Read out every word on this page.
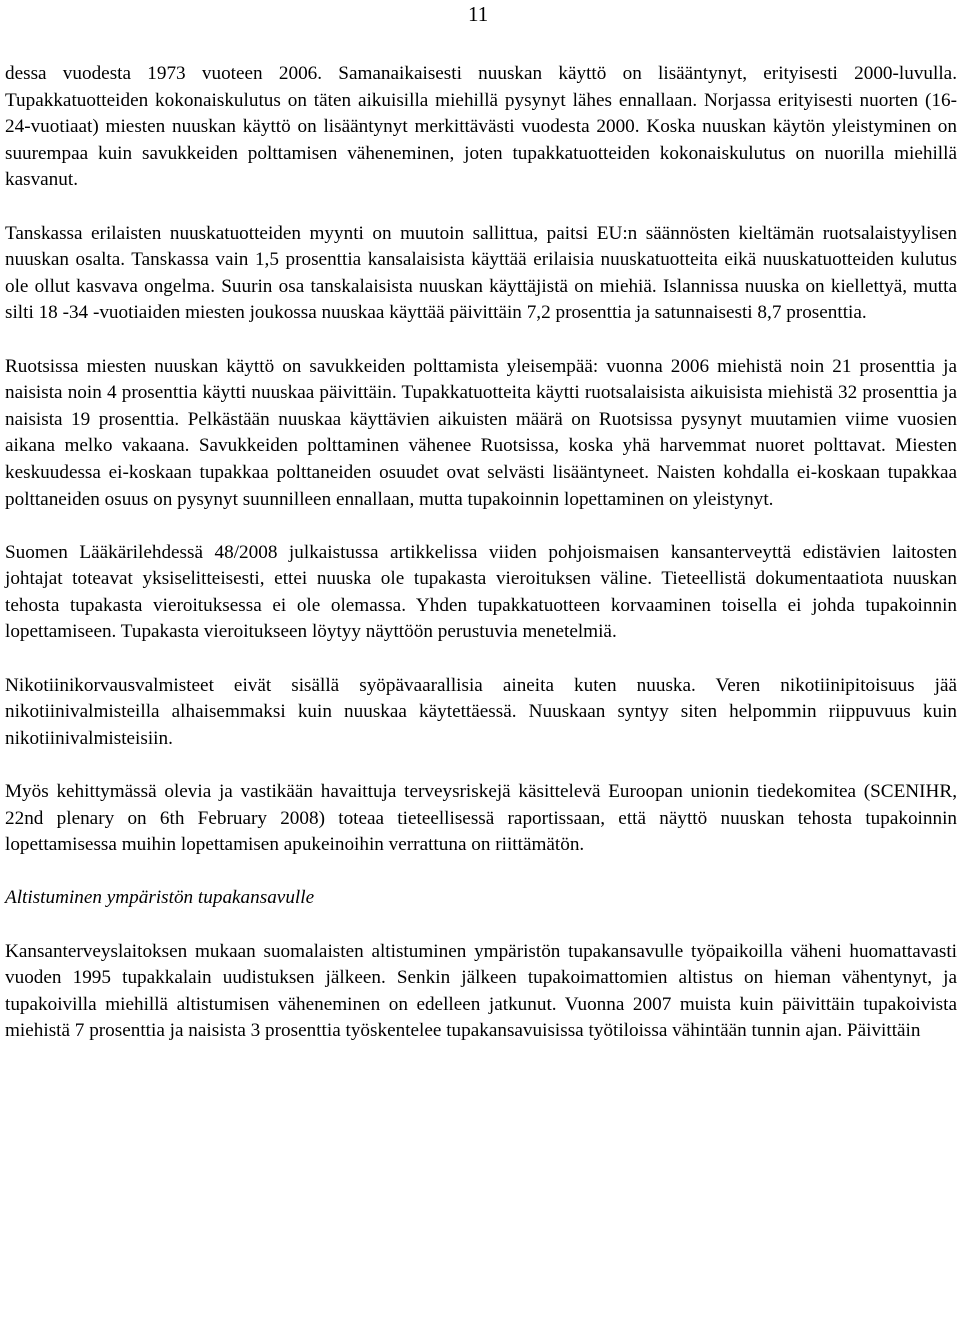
11

dessa vuodesta 1973 vuoteen 2006. Samanaikaisesti nuuskan käyttö on lisääntynyt, erityisesti 2000-luvulla. Tupakkatuotteiden kokonaiskulutus on täten aikuisilla miehillä pysynyt lähes ennallaan. Norjassa erityisesti nuorten (16-24-vuotiaat) miesten nuuskan käyttö on lisääntynyt merkittävästi vuodesta 2000. Koska nuuskan käytön yleistyminen on suurempaa kuin savukkeiden polttamisen väheneminen, joten tupakkatuotteiden kokonaiskulutus on nuorilla miehillä kasvanut.

Tanskassa erilaisten nuuskatuotteiden myynti on muutoin sallittua, paitsi EU:n säännösten kieltämän ruotsalaistyylisen nuuskan osalta. Tanskassa vain 1,5 prosenttia kansalaisista käyttää erilaisia nuuskatuotteita eikä nuuskatuotteiden kulutus ole ollut kasvava ongelma. Suurin osa tanskalaisista nuuskan käyttäjistä on miehiä. Islannissa nuuska on kiellettyä, mutta silti 18 -34 -vuotiaiden miesten joukossa nuuskaa käyttää päivittäin 7,2 prosenttia ja satunnaisesti 8,7 prosenttia.

Ruotsissa miesten nuuskan käyttö on savukkeiden polttamista yleisempää: vuonna 2006 miehistä noin 21 prosenttia ja naisista noin 4 prosenttia käytti nuuskaa päivittäin. Tupakkatuotteita käytti ruotsalaisista aikuisista miehistä 32 prosenttia ja naisista 19 prosenttia. Pelkästään nuuskaa käyttävien aikuisten määrä on Ruotsissa pysynyt muutamien viime vuosien aikana melko vakaana. Savukkeiden polttaminen vähenee Ruotsissa, koska yhä harvemmat nuoret polttavat. Miesten keskuudessa ei-koskaan tupakkaa polttaneiden osuudet ovat selvästi lisääntyneet. Naisten kohdalla ei-koskaan tupakkaa polttaneiden osuus on pysynyt suunnilleen ennallaan, mutta tupakoinnin lopettaminen on yleistynyt.

Suomen Lääkärilehdessä 48/2008 julkaistussa artikkelissa viiden pohjoismaisen kansanterveyttä edistävien laitosten johtajat toteavat yksiselitteisesti, ettei nuuska ole tupakasta vieroituksen väline. Tieteellistä dokumentaatiota nuuskan tehosta tupakasta vieroituksessa ei ole olemassa. Yhden tupakkatuotteen korvaaminen toisella ei johda tupakoinnin lopettamiseen. Tupakasta vieroitukseen löytyy näyttöön perustuvia menetelmiä.

Nikotiinikorvausvalmisteet eivät sisällä syöpävaarallisia aineita kuten nuuska. Veren nikotiinipitoisuus jää nikotiinivalmisteilla alhaisemmaksi kuin nuuskaa käytettäessä. Nuuskaan syntyy siten helpommin riippuvuus kuin nikotiinivalmisteisiin.

Myös kehittymässä olevia ja vastikään havaittuja terveysriskejä käsittelevä Euroopan unionin tiedekomitea (SCENIHR, 22nd plenary on 6th February 2008) toteaa tieteellisessä raportissaan, että näyttö nuuskan tehosta tupakoinnin lopettamisessa muihin lopettamisen apukeinoihin verrattuna on riittämätön.

Altistuminen ympäristön tupakansavulle

Kansanterveyslaitoksen mukaan suomalaisten altistuminen ympäristön tupakansavulle työpaikoilla väheni huomattavasti vuoden 1995 tupakkalain uudistuksen jälkeen. Senkin jälkeen tupakoimattomien altistus on hieman vähentynyt, ja tupakoivilla miehillä altistumisen väheneminen on edelleen jatkunut. Vuonna 2007 muista kuin päivittäin tupakoivista miehistä 7 prosenttia ja naisista 3 prosenttia työskentelee tupakansavuisissa työtiloissa vähintään tunnin ajan. Päivittäin
